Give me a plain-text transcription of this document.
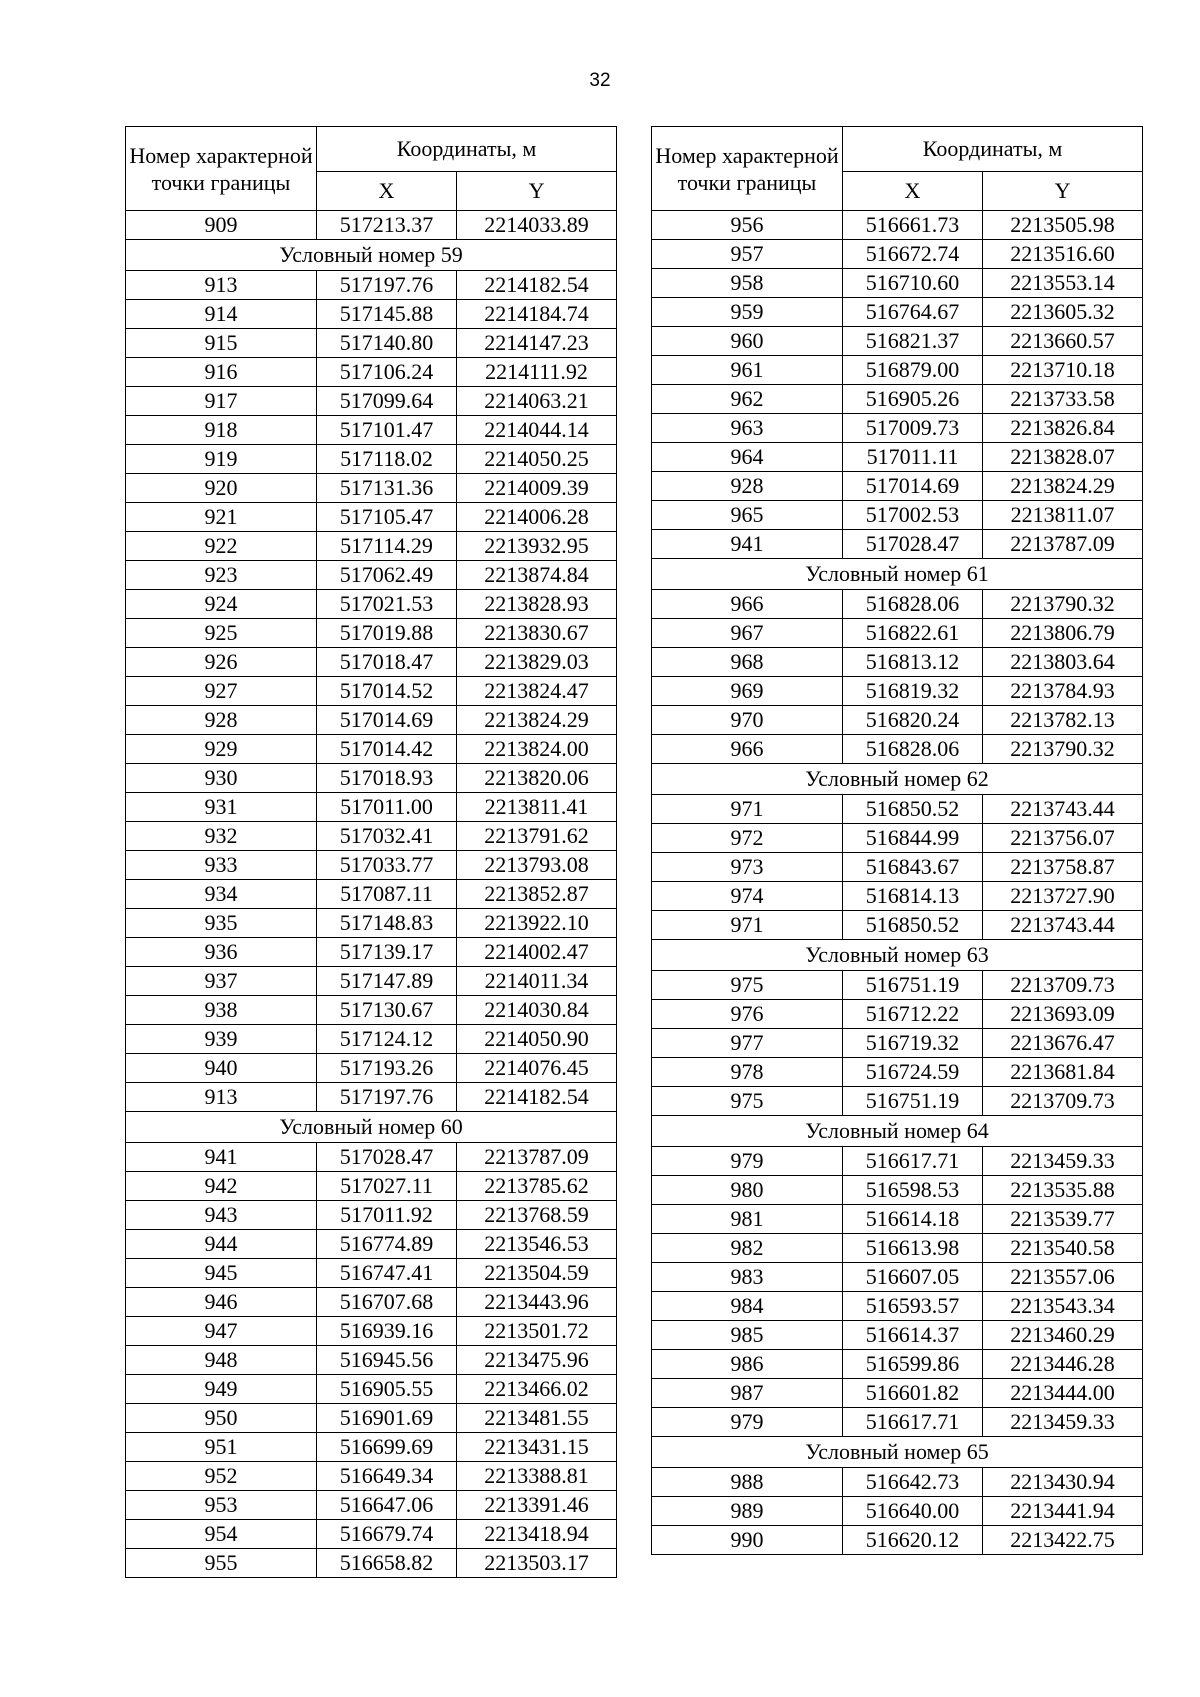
32
Номер характерной точки границы	Координаты, м	
	X	Y
909	517213.37	2214033.89
Условный номер 59		
913	517197.76	2214182.54
914	517145.88	2214184.74
915	517140.80	2214147.23
916	517106.24	2214111.92
917	517099.64	2214063.21
918	517101.47	2214044.14
919	517118.02	2214050.25
920	517131.36	2214009.39
921	517105.47	2214006.28
922	517114.29	2213932.95
923	517062.49	2213874.84
924	517021.53	2213828.93
925	517019.88	2213830.67
926	517018.47	2213829.03
927	517014.52	2213824.47
928	517014.69	2213824.29
929	517014.42	2213824.00
930	517018.93	2213820.06
931	517011.00	2213811.41
932	517032.41	2213791.62
933	517033.77	2213793.08
934	517087.11	2213852.87
935	517148.83	2213922.10
936	517139.17	2214002.47
937	517147.89	2214011.34
938	517130.67	2214030.84
939	517124.12	2214050.90
940	517193.26	2214076.45
913	517197.76	2214182.54
Условный номер 60		
941	517028.47	2213787.09
942	517027.11	2213785.62
943	517011.92	2213768.59
944	516774.89	2213546.53
945	516747.41	2213504.59
946	516707.68	2213443.96
947	516939.16	2213501.72
948	516945.56	2213475.96
949	516905.55	2213466.02
950	516901.69	2213481.55
951	516699.69	2213431.15
952	516649.34	2213388.81
953	516647.06	2213391.46
954	516679.74	2213418.94
955	516658.82	2213503.17
Номер характерной точки границы	Координаты, м	
	X	Y
956	516661.73	2213505.98
957	516672.74	2213516.60
958	516710.60	2213553.14
959	516764.67	2213605.32
960	516821.37	2213660.57
961	516879.00	2213710.18
962	516905.26	2213733.58
963	517009.73	2213826.84
964	517011.11	2213828.07
928	517014.69	2213824.29
965	517002.53	2213811.07
941	517028.47	2213787.09
Условный номер 61		
966	516828.06	2213790.32
967	516822.61	2213806.79
968	516813.12	2213803.64
969	516819.32	2213784.93
970	516820.24	2213782.13
966	516828.06	2213790.32
Условный номер 62		
971	516850.52	2213743.44
972	516844.99	2213756.07
973	516843.67	2213758.87
974	516814.13	2213727.90
971	516850.52	2213743.44
Условный номер 63		
975	516751.19	2213709.73
976	516712.22	2213693.09
977	516719.32	2213676.47
978	516724.59	2213681.84
975	516751.19	2213709.73
Условный номер 64		
979	516617.71	2213459.33
980	516598.53	2213535.88
981	516614.18	2213539.77
982	516613.98	2213540.58
983	516607.05	2213557.06
984	516593.57	2213543.34
985	516614.37	2213460.29
986	516599.86	2213446.28
987	516601.82	2213444.00
979	516617.71	2213459.33
Условный номер 65		
988	516642.73	2213430.94
989	516640.00	2213441.94
990	516620.12	2213422.75
